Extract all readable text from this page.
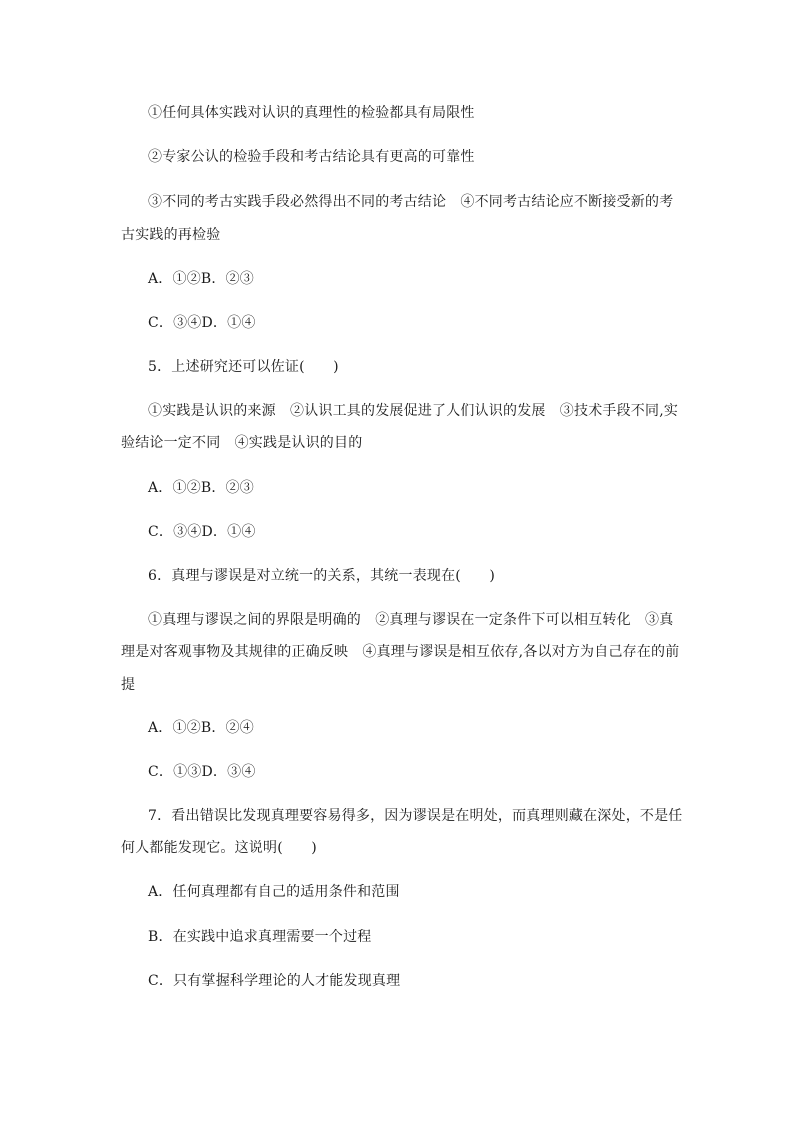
①任何具体实践对认识的真理性的检验都具有局限性
②专家公认的检验手段和考古结论具有更高的可靠性
③不同的考古实践手段必然得出不同的考古结论　④不同考古结论应不断接受新的考
古实践的再检验
A．①②B．②③
C．③④D．①④
5．上述研究还可以佐证(　　)
①实践是认识的来源　②认识工具的发展促进了人们认识的发展　③技术手段不同,实
验结论一定不同　④实践是认识的目的
A．①②B．②③
C．③④D．①④
6．真理与谬误是对立统一的关系，其统一表现在(　　)
①真理与谬误之间的界限是明确的　②真理与谬误在一定条件下可以相互转化　③真
理是对客观事物及其规律的正确反映　④真理与谬误是相互依存,各以对方为自己存在的前
提
A．①②B．②④
C．①③D．③④
7．看出错误比发现真理要容易得多，因为谬误是在明处，而真理则藏在深处，不是任
何人都能发现它。这说明(　　)
A．任何真理都有自己的适用条件和范围
B．在实践中追求真理需要一个过程
C．只有掌握科学理论的人才能发现真理
